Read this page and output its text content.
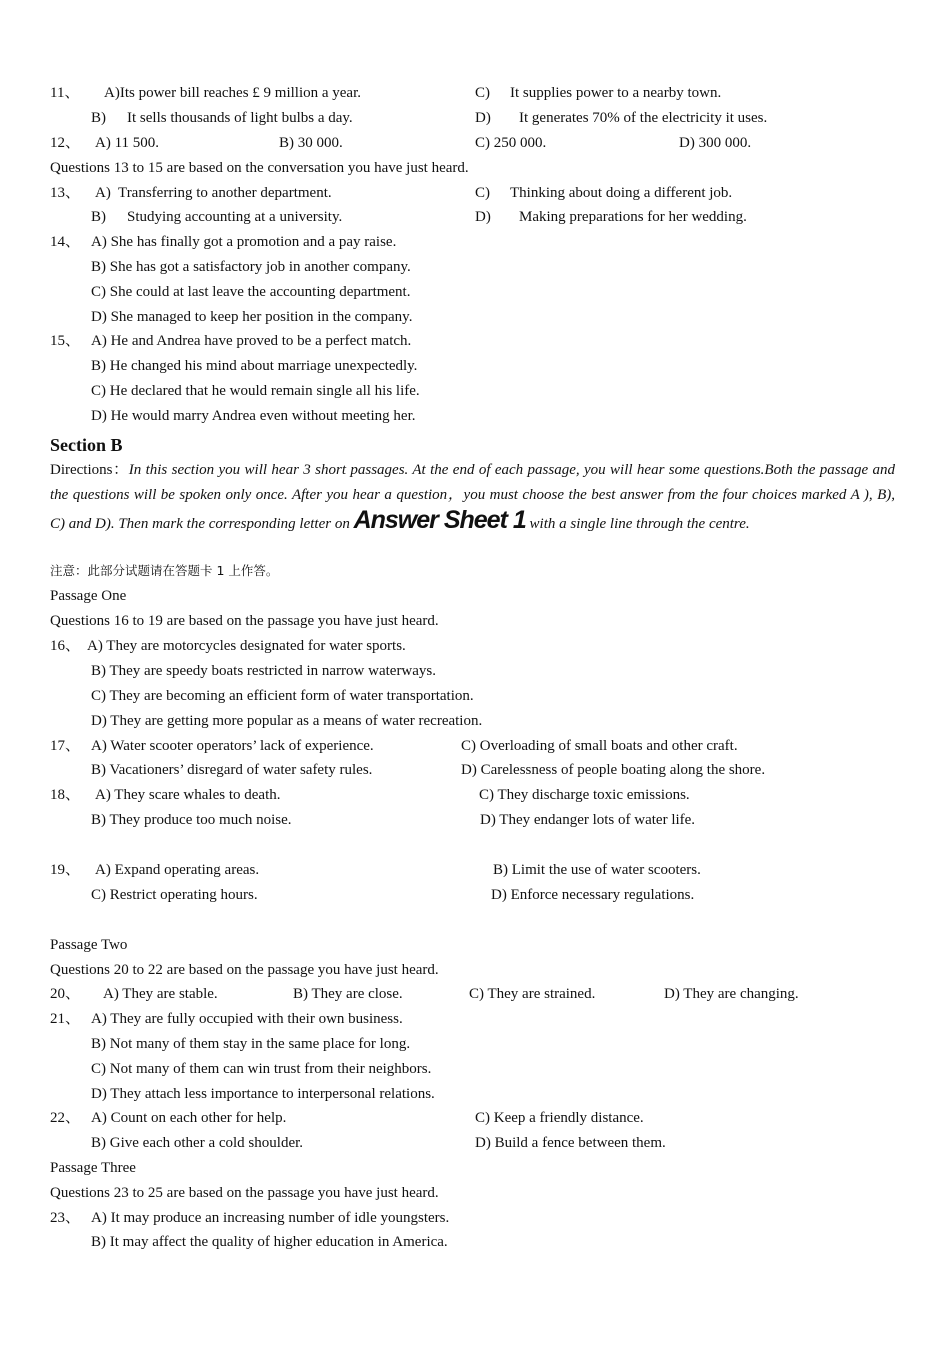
11、 A)Its power bill reaches £ 9 million a year.	C) It supplies power to a nearby town.
B) It sells thousands of light bulbs a day.	D) It generates 70% of the electricity it uses.
12、 A) 11 500.	B) 30 000.	C) 250 000.	D) 300 000.
Questions 13 to 15 are based on the conversation you have just heard.
13、 A)  Transferring to another department.	C) Thinking about doing a different job.
B) Studying accounting at a university.	D) Making preparations for her wedding.
14、 A) She has finally got a promotion and a pay raise.
B) She has got a satisfactory job in another company.
C) She could at last leave the accounting department.
D) She managed to keep her position in the company.
15、 A) He and Andrea have proved to be a perfect match.
B) He changed his mind about marriage unexpectedly.
C) He declared that he would remain single all his life.
D) He would marry Andrea even without meeting her.
Section B
注意：此部分试题请在答题卡 1 上作答。
Passage One
Questions 16 to 19 are based on the passage you have just heard.
16、 A) They are motorcycles designated for water sports.
B) They are speedy boats restricted in narrow waterways.
C) They are becoming an efficient form of water transportation.
D) They are getting more popular as a means of water recreation.
17、 A) Water scooter operators’ lack of experience.	C) Overloading of small boats and other craft.
B) Vacationers’ disregard of water safety rules.	D) Carelessness of people boating along the shore.
18、 A) They scare whales to death.	C) They discharge toxic emissions.
B) They produce too much noise.	D) They endanger lots of water life.
19、 A) Expand operating areas.	B) Limit the use of water scooters.
C) Restrict operating hours.	D) Enforce necessary regulations.
Passage Two
Questions 20 to 22 are based on the passage you have just heard.
20、 A) They are stable.	B) They are close.	C) They are strained.	D) They are changing.
21、 A) They are fully occupied with their own business.
B) Not many of them stay in the same place for long.
C) Not many of them can win trust from their neighbors.
D) They attach less importance to interpersonal relations.
22、 A) Count on each other for help.	C) Keep a friendly distance.
B) Give each other a cold shoulder.	D) Build a fence between them.
Passage Three
Questions 23 to 25 are based on the passage you have just heard.
23、 A) It may produce an increasing number of idle youngsters.
B) It may affect the quality of higher education in America.
Directions：In this section you will hear 3 short passages. At the end of each passage, you will hear some questions.Both the passage and the questions will be spoken only once. After you hear a question，you must choose the best answer from the four choices marked A ), B), C) and D). Then mark the corresponding letter on Answer Sheet 1 with a single line through the centre.
